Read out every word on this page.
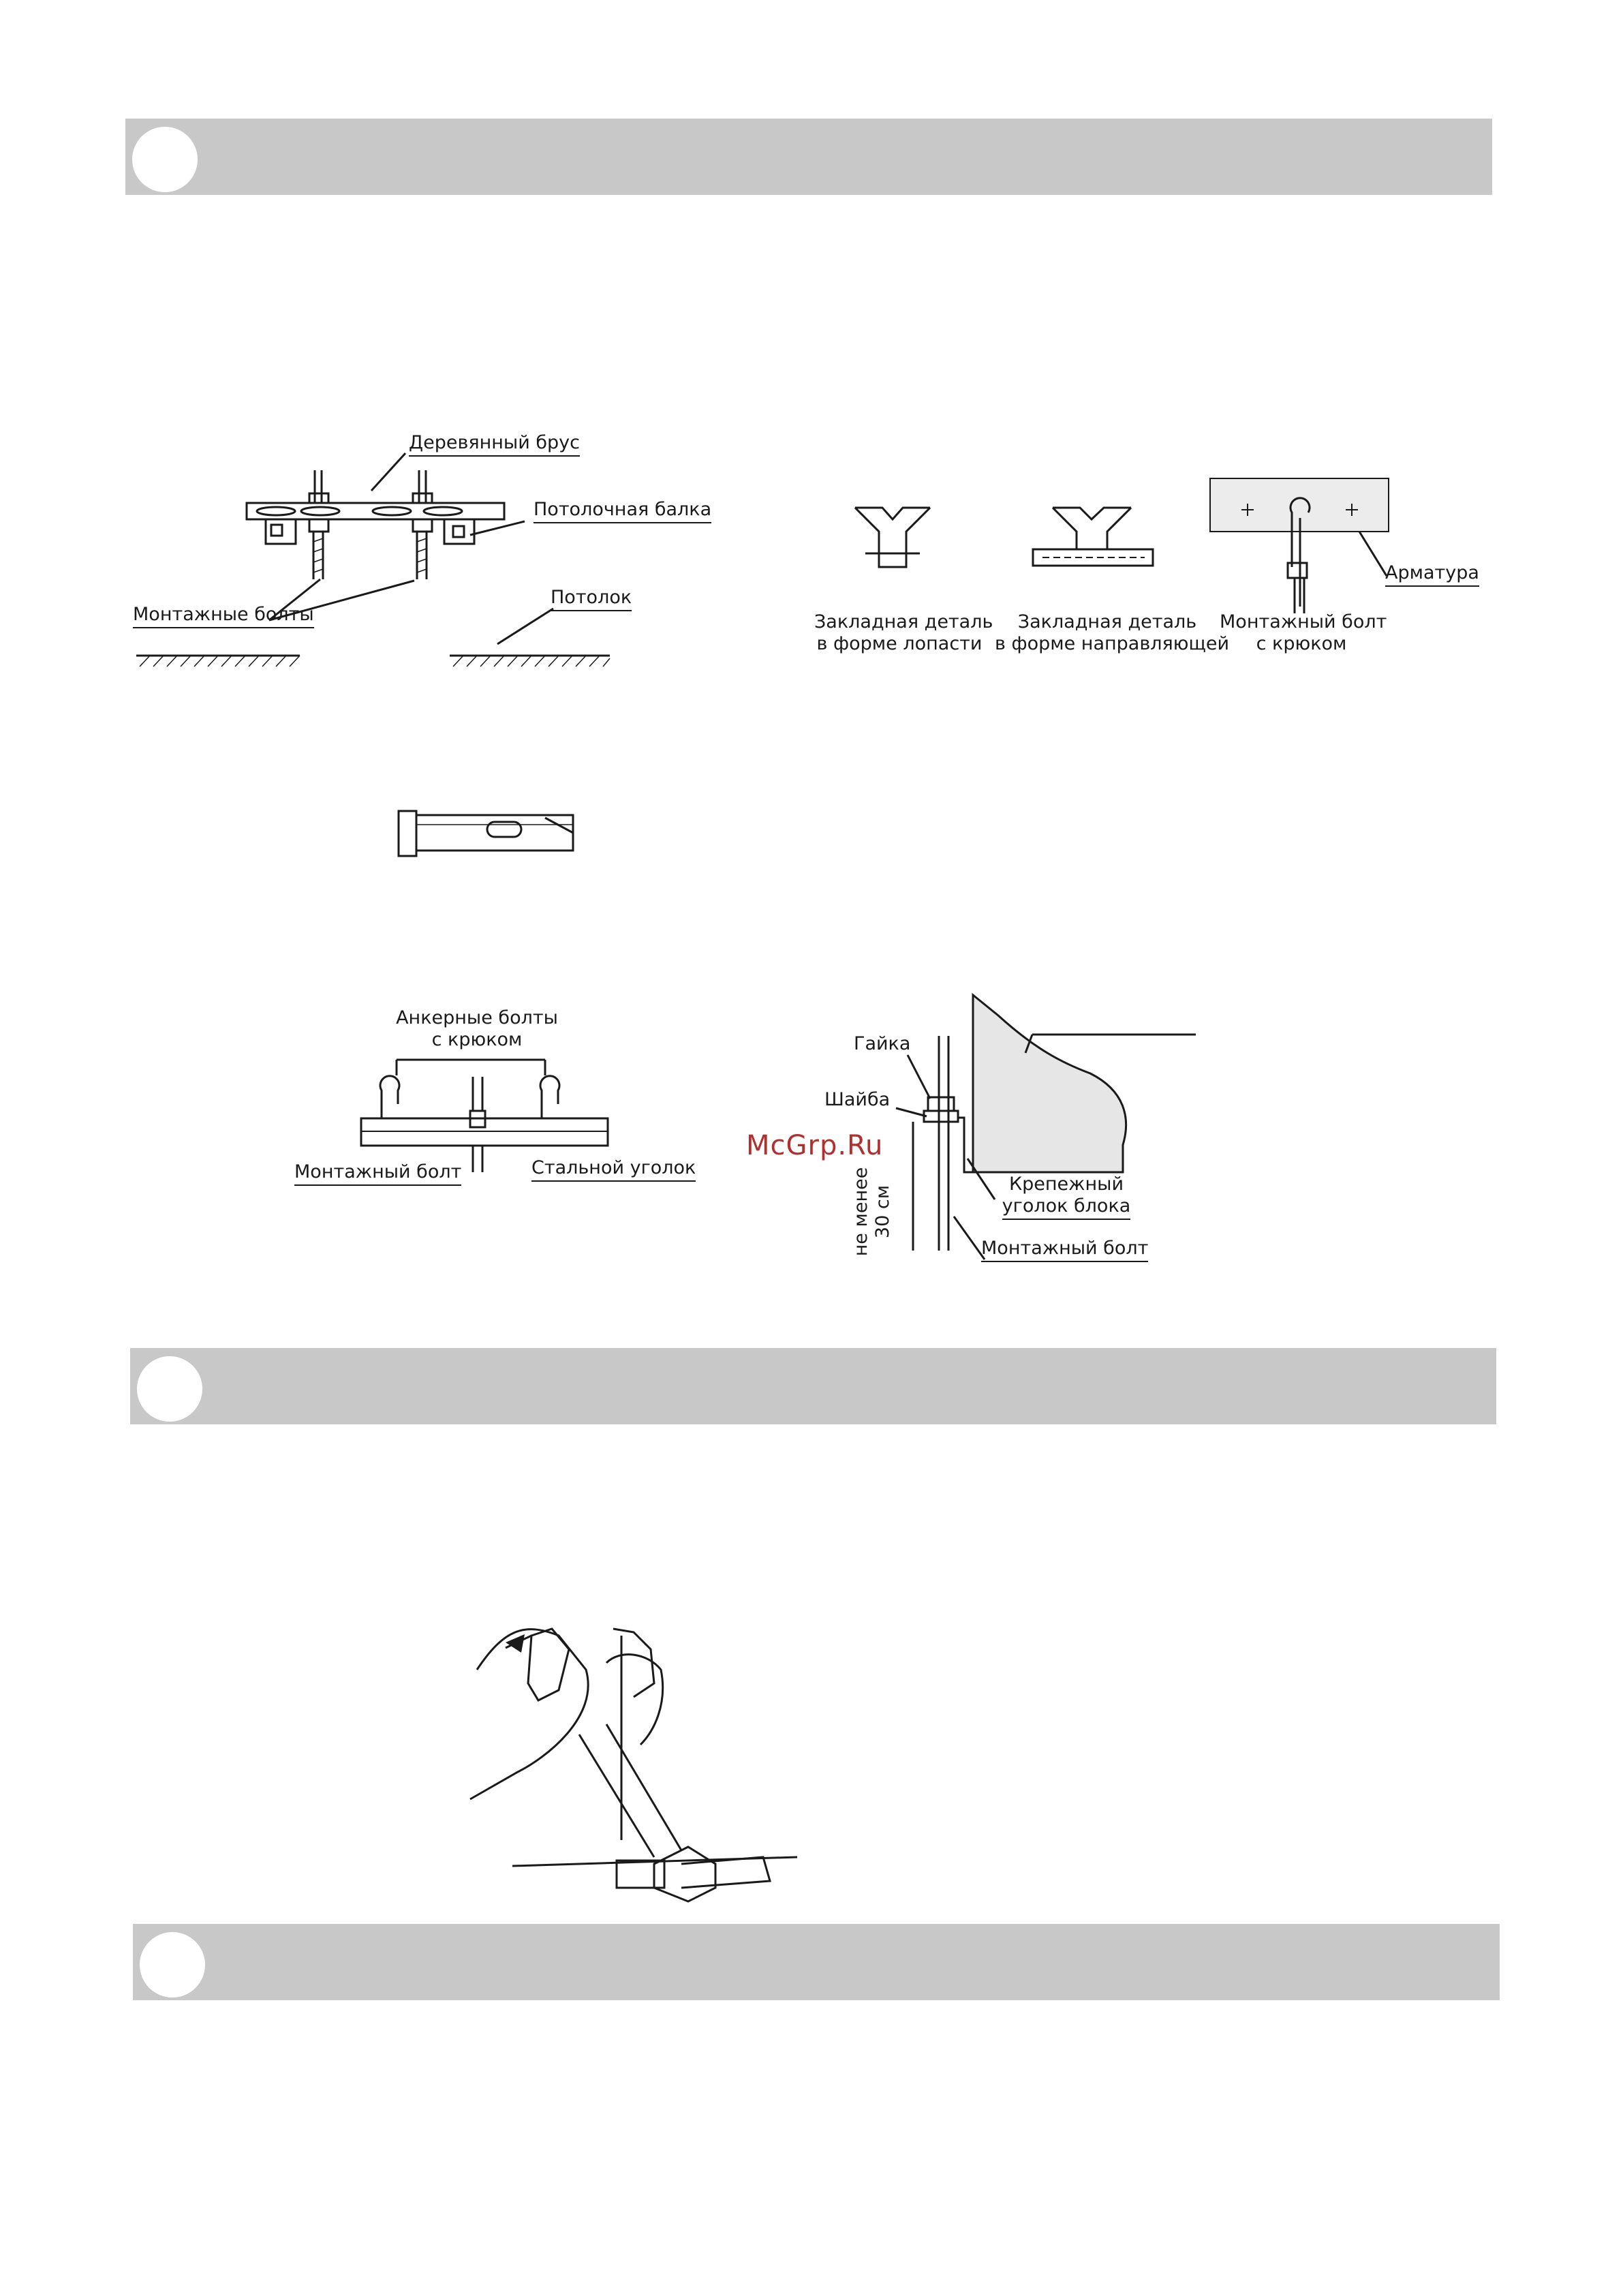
Деревянный брус
Потолочная балка
Монтажные болты
Потолок
Закладная деталь
в форме лопасти
Закладная деталь
в форме направляющей
Монтажный болт
с крюком
Арматура
Анкерные болты
с крюком
Монтажный болт	Стальной уголок
Гайка
Шайба
Крепежный
уголок блока
Монтажный болт
не менее 30 см
McGrp.Ru
